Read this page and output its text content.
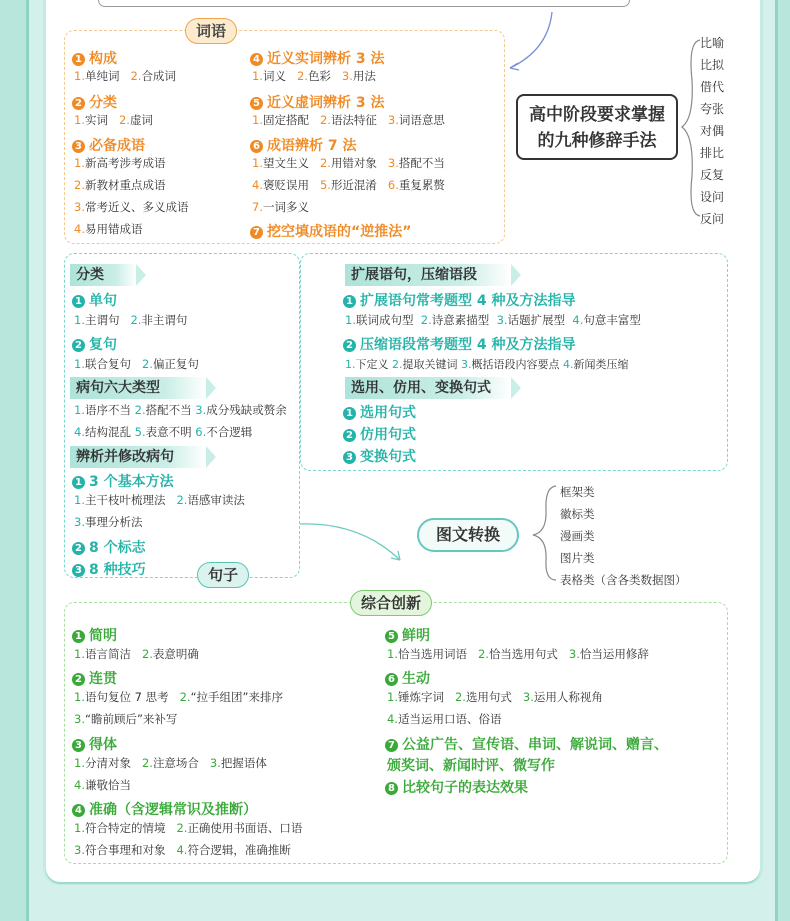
词语
1 构成
1.单纯词 2.合成词
2 分类
1.实词 2.虚词
3 必备成语
1.新高考涉考成语
2.新教材重点成语
3.常考近义、多义成语
4.易用错成语
4 近义实词辨析 3 法
1.词义 2.色彩 3.用法
5 近义虚词辨析 3 法
1.固定搭配 2.语法特征 3.词语意思
6 成语辨析 7 法
1.望文生义 2.用错对象 3.搭配不当
4.褒贬误用 5.形近混淆 6.重复累赘
7.一词多义
7 挖空填成语的“逆推法”
高中阶段要求掌握
的九种修辞手法
比喻
比拟
借代
夸张
对偶
排比
反复
设问
反问
分类
1 单句
1.主谓句 2.非主谓句
2 复句
1.联合复句 2.偏正复句
病句六大类型
1.语序不当 2.搭配不当 3.成分残缺或赘余
4.结构混乱 5.表意不明 6.不合逻辑
辨析并修改病句
1 3 个基本方法
1.主干枝叶梳理法 2.语感审读法
3.事理分析法
2 8 个标志
3 8 种技巧	句子
扩展语句，压缩语段
1 扩展语句常考题型 4 种及方法指导
1.联词成句型 2.诗意素描型 3.话题扩展型 4.句意丰富型
2 压缩语段常考题型 4 种及方法指导
1.下定义 2.提取关键词 3.概括语段内容要点 4.新闻类压缩
选用、仿用、变换句式
1 选用句式
2 仿用句式
3 变换句式
图文转换
框架类
徽标类
漫画类
图片类
表格类（含各类数据图）
综合创新
1 简明
1.语言简洁 2.表意明确
2 连贯
1.语句复位 7 思考 2.“拉手组团”来排序
3.“瞻前顾后”来补写
3 得体
1.分清对象 2.注意场合 3.把握语体
4.谦敬恰当
4 准确（含逻辑常识及推断）
1.符合特定的情境 2.正确使用书面语、口语
3.符合事理和对象 4.符合逻辑，准确推断
5 鲜明
1.恰当选用词语 2.恰当选用句式 3.恰当运用修辞
6 生动
1.锤炼字词 2.选用句式 3.运用人称视角
4.适当运用口语、俗语
7 公益广告、宣传语、串词、解说词、赠言、
颁奖词、新闻时评、微写作
8 比较句子的表达效果
